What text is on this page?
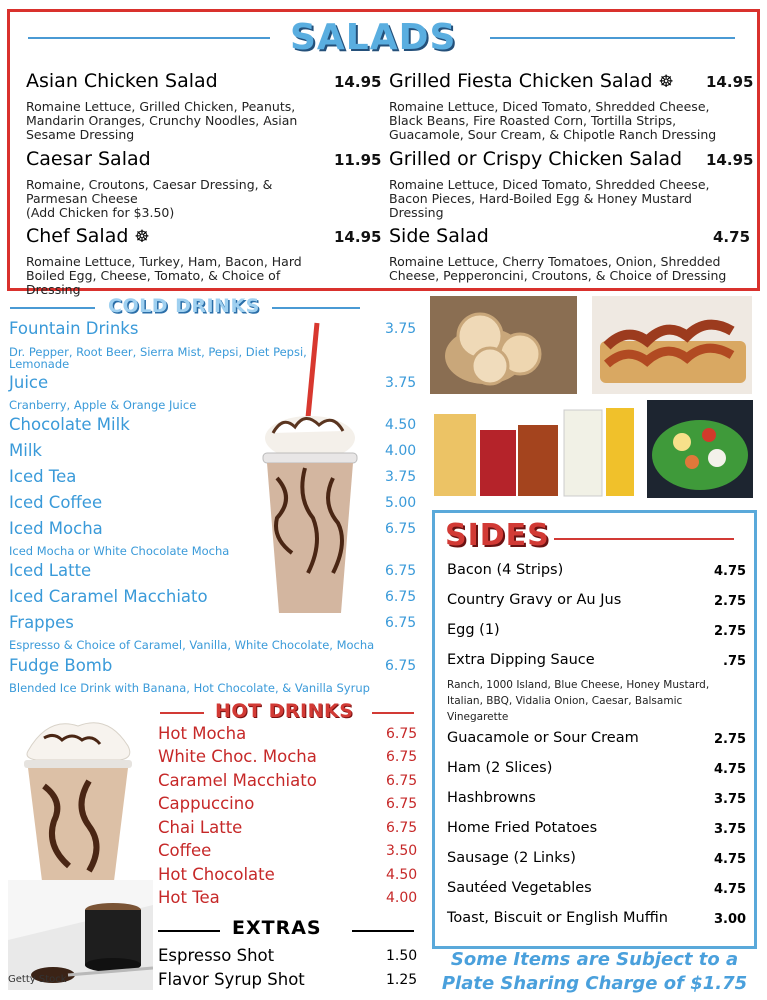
SALADS
Asian Chicken Salad	14.95
Romaine Lettuce, Grilled Chicken, Peanuts, Mandarin Oranges, Crunchy Noodles, Asian Sesame Dressing
Caesar Salad	11.95
Romaine, Croutons, Caesar Dressing, & Parmesan Cheese
(Add Chicken for $3.50)
Chef Salad ☸	14.95
Romaine Lettuce, Turkey, Ham, Bacon, Hard Boiled Egg, Cheese, Tomato, & Choice of Dressing
Grilled Fiesta Chicken Salad ☸ 14.95
Romaine Lettuce, Diced Tomato, Shredded Cheese, Black Beans, Fire Roasted Corn, Tortilla Strips, Guacamole, Sour Cream, & Chipotle Ranch Dressing
Grilled or Crispy Chicken Salad 14.95
Romaine Lettuce, Diced Tomato, Shredded Cheese, Bacon Pieces, Hard-Boiled Egg & Honey Mustard Dressing
Side Salad	4.75
Romaine Lettuce, Cherry Tomatoes, Onion, Shredded Cheese, Pepperoncini, Croutons, & Choice of Dressing
COLD DRINKS
Fountain Drinks	3.75
Dr. Pepper, Root Beer, Sierra Mist, Pepsi, Diet Pepsi, Lemonade
Juice	3.75
Cranberry, Apple & Orange Juice
Chocolate Milk	4.50
Milk	4.00
Iced Tea	3.75
Iced Coffee	5.00
Iced Mocha	6.75
Iced Mocha or White Chocolate Mocha
Iced Latte	6.75
Iced Caramel Macchiato	6.75
Frappes	6.75
Espresso & Choice of Caramel, Vanilla, White Chocolate, Mocha
Fudge Bomb	6.75
Blended Ice Drink with Banana, Hot Chocolate, & Vanilla Syrup
SIDES
Bacon (4 Strips)	4.75
Country Gravy or Au Jus	2.75
Egg (1)	2.75
Extra Dipping Sauce	.75
Ranch, 1000 Island, Blue Cheese, Honey Mustard, Italian, BBQ, Vidalia Onion, Caesar, Balsamic Vinegarette
Guacamole or Sour Cream	2.75
Ham (2 Slices)	4.75
Hashbrowns	3.75
Home Fried Potatoes	3.75
Sausage (2 Links)	4.75
Sautéed Vegetables	4.75
Toast, Biscuit or English Muffin	3.00
Some Items are Subject to a
Plate Sharing Charge of $1.75
HOT DRINKS
Hot Mocha	6.75
White Choc. Mocha	6.75
Caramel Macchiato	6.75
Cappuccino	6.75
Chai Latte	6.75
Coffee	3.50
Hot Chocolate	4.50
Hot Tea	4.00
Getty Stock
EXTRAS
Espresso Shot	1.50
Flavor Syrup Shot	1.25
